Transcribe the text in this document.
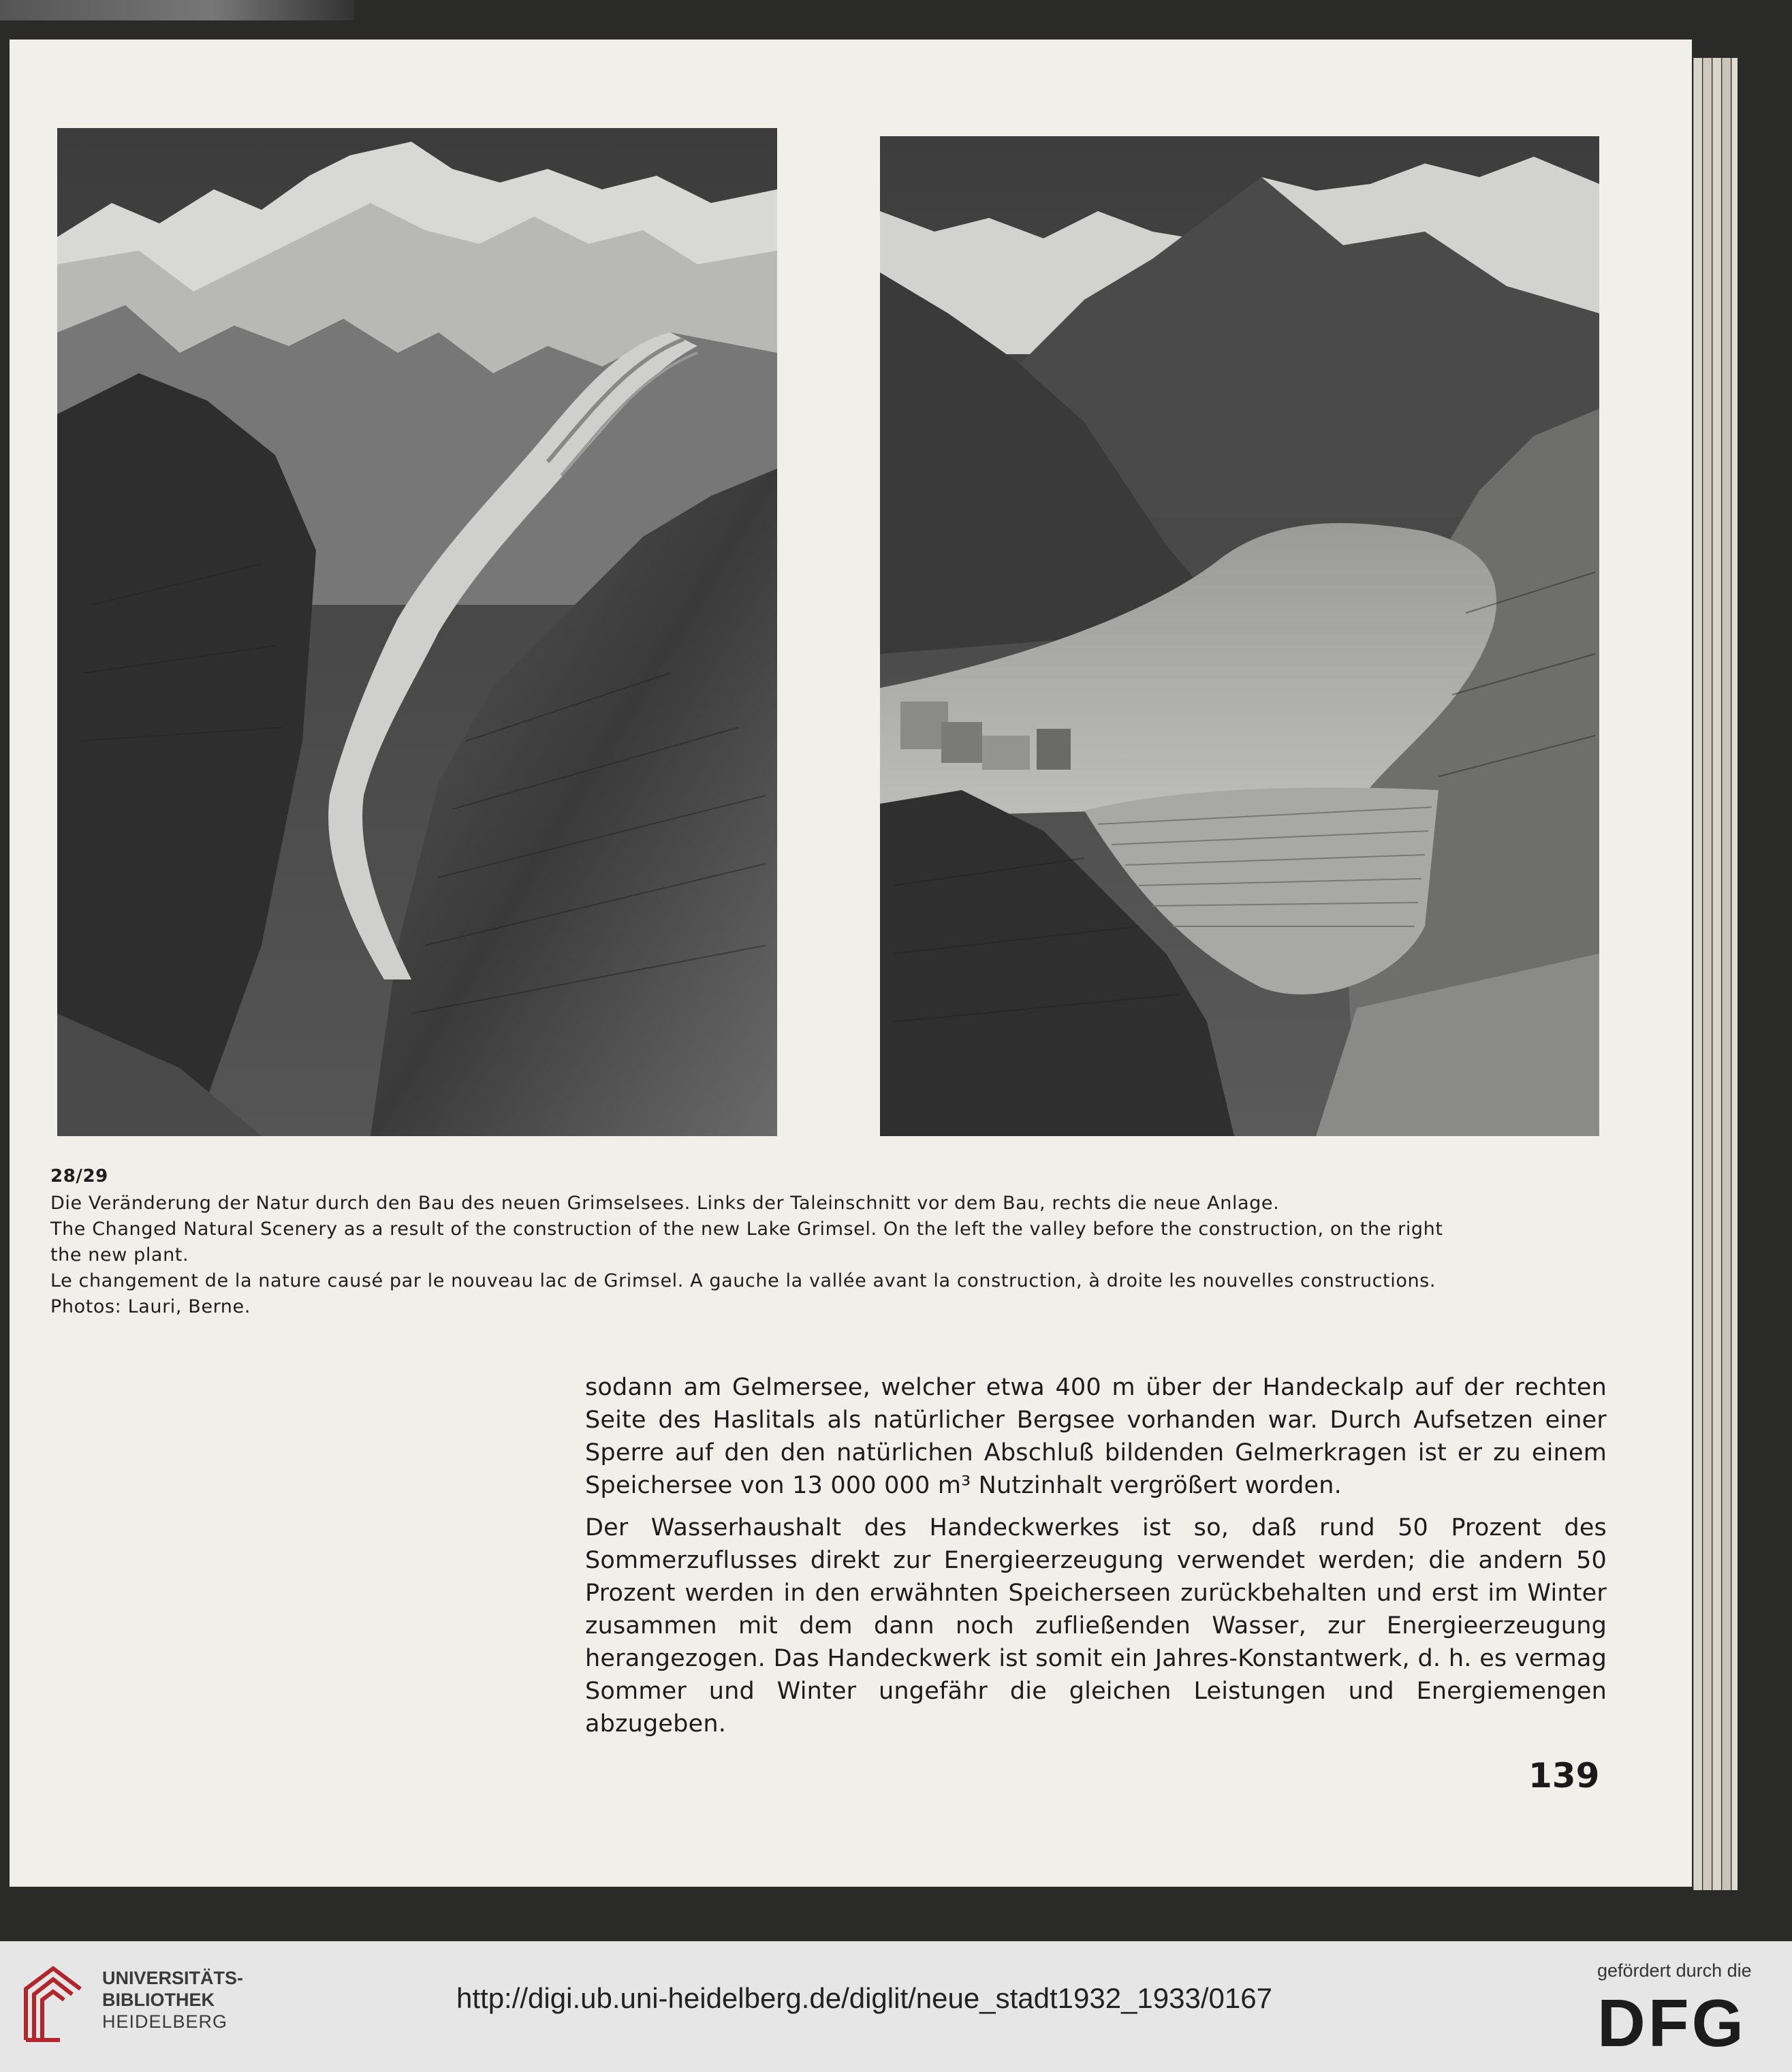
28/29
Die Veränderung der Natur durch den Bau des neuen Grimselsees. Links der Taleinschnitt vor dem Bau, rechts die neue Anlage.
The Changed Natural Scenery as a result of the construction of the new Lake Grimsel. On the left the valley before the construction, on the right
the new plant.
Le changement de la nature causé par le nouveau lac de Grimsel. A gauche la vallée avant la construction, à droite les nouvelles constructions.
Photos: Lauri, Berne.

sodann am Gelmersee, welcher etwa 400 m über der Handeckalp auf der rechten Seite des Haslitals als natürlicher Bergsee vorhanden war. Durch Aufsetzen einer Sperre auf den den natürlichen Abschluß bildenden Gelmerkragen ist er zu einem Speichersee von 13 000 000 m³ Nutzinhalt vergrößert worden.

Der Wasserhaushalt des Handeckwerkes ist so, daß rund 50 Prozent des Sommerzuflusses direkt zur Energieerzeugung verwendet werden; die andern 50 Prozent werden in den erwähnten Speicherseen zurückbehalten und erst im Winter zusammen mit dem dann noch zufließenden Wasser, zur Energieerzeugung herangezogen. Das Handeckwerk ist somit ein Jahres-Konstantwerk, d. h. es vermag Sommer und Winter ungefähr die gleichen Leistungen und Energiemengen abzugeben.

139
UNIVERSITÄTS-
BIBLIOTHEK
HEIDELBERG
http://digi.ub.uni-heidelberg.de/diglit/neue_stadt1932_1933/0167
gefördert durch die
DFG
